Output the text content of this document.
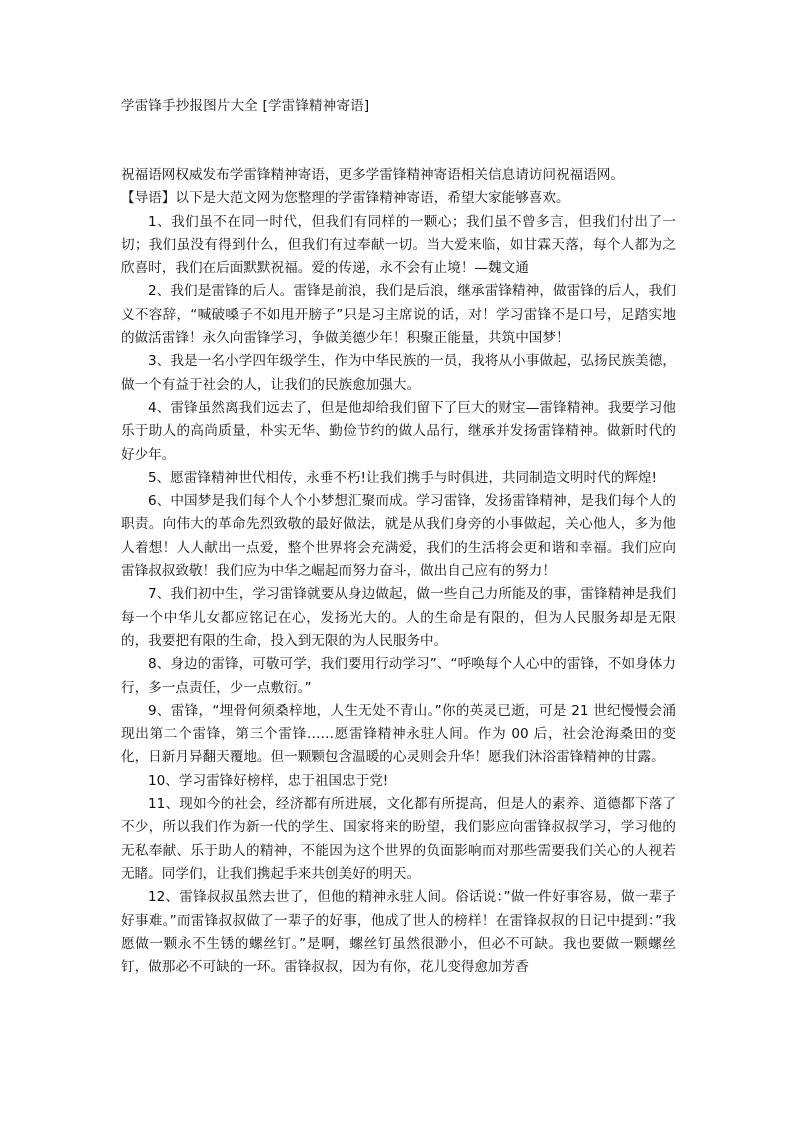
学雷锋手抄报图片大全 [学雷锋精神寄语]

祝福语网权威发布学雷锋精神寄语，更多学雷锋精神寄语相关信息请访问祝福语网。

【导语】以下是大范文网为您整理的学雷锋精神寄语，希望大家能够喜欢。

1、我们虽不在同一时代，但我们有同样的一颗心；我们虽不曾多言，但我们付出了一切；我们虽没有得到什么，但我们有过奉献一切。当大爱来临，如甘霖天落，每个人都为之欣喜时，我们在后面默默祝福。爱的传递，永不会有止境！—魏文通

2、我们是雷锋的后人。雷锋是前浪，我们是后浪，继承雷锋精神，做雷锋的后人，我们义不容辞，“喊破嗓子不如甩开膀子”只是习主席说的话，对！学习雷锋不是口号，足踏实地的做活雷锋！永久向雷锋学习，争做美德少年！积聚正能量，共筑中国梦！

3、我是一名小学四年级学生，作为中华民族的一员，我将从小事做起，弘扬民族美德，做一个有益于社会的人，让我们的民族愈加强大。

4、雷锋虽然离我们远去了，但是他却给我们留下了巨大的财宝—雷锋精神。我要学习他乐于助人的高尚质量，朴实无华、勤俭节约的做人品行，继承并发扬雷锋精神。做新时代的好少年。

5、愿雷锋精神世代相传，永垂不朽!让我们携手与时俱进，共同制造文明时代的辉煌!

6、中国梦是我们每个人个小梦想汇聚而成。学习雷锋，发扬雷锋精神，是我们每个人的职责。向伟大的革命先烈致敬的最好做法，就是从我们身旁的小事做起，关心他人，多为他人着想！人人献出一点爱，整个世界将会充满爱，我们的生活将会更和谐和幸福。我们应向雷锋叔叔致敬！我们应为中华之崛起而努力奋斗，做出自己应有的努力！

7、我们初中生，学习雷锋就要从身边做起，做一些自己力所能及的事，雷锋精神是我们每一个中华儿女都应铭记在心，发扬光大的。人的生命是有限的，但为人民服务却是无限的，我要把有限的生命，投入到无限的为人民服务中。

8、身边的雷锋，可敬可学，我们要用行动学习”、“呼唤每个人心中的雷锋，不如身体力行，多一点责任，少一点敷衍。”

9、雷锋，“埋骨何须桑梓地，人生无处不青山。”你的英灵已逝，可是 21 世纪慢慢会涌现出第二个雷锋，第三个雷锋……愿雷锋精神永驻人间。作为 00 后，社会沧海桑田的变化，日新月异翻天覆地。但一颗颗包含温暖的心灵则会升华！愿我们沐浴雷锋精神的甘露。

10、学习雷锋好榜样，忠于祖国忠于党!

11、现如今的社会，经济都有所进展，文化都有所提高，但是人的素养、道德都下落了不少，所以我们作为新一代的学生、国家将来的盼望，我们影应向雷锋叔叔学习，学习他的无私奉献、乐于助人的精神，不能因为这个世界的负面影响而对那些需要我们关心的人视若无睹。同学们，让我们携起手来共创美好的明天。

12、雷锋叔叔虽然去世了，但他的精神永驻人间。俗话说：”做一件好事容易，做一辈子好事难。”而雷锋叔叔做了一辈子的好事，他成了世人的榜样！在雷锋叔叔的日记中提到：”我愿做一颗永不生锈的螺丝钉。”是啊，螺丝钉虽然很渺小，但必不可缺。我也要做一颗螺丝钉，做那必不可缺的一环。雷锋叔叔，因为有你，花儿变得愈加芳香
